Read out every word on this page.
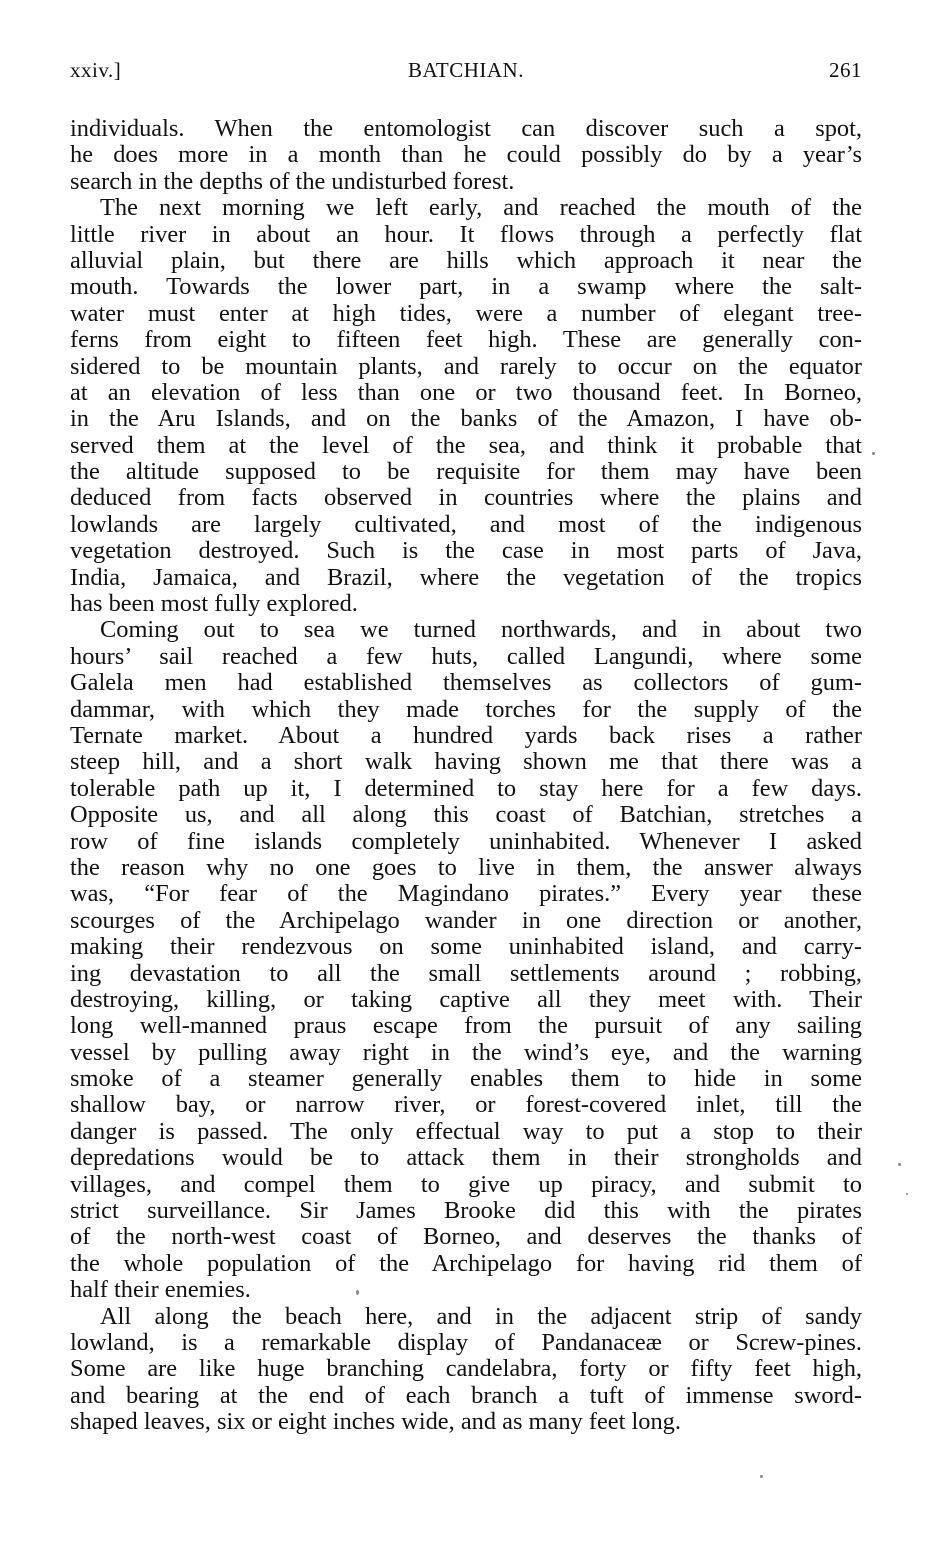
xxiv.]	BATCHIAN.	261
individuals. When the entomologist can discover such a spot,
he does more in a month than he could possibly do by a year’s
search in the depths of the undisturbed forest.
The next morning we left early, and reached the mouth of the
little river in about an hour. It flows through a perfectly flat
alluvial plain, but there are hills which approach it near the
mouth. Towards the lower part, in a swamp where the salt-
water must enter at high tides, were a number of elegant tree-
ferns from eight to fifteen feet high. These are generally con-
sidered to be mountain plants, and rarely to occur on the equator
at an elevation of less than one or two thousand feet. In Borneo,
in the Aru Islands, and on the banks of the Amazon, I have ob-
served them at the level of the sea, and think it probable that
the altitude supposed to be requisite for them may have been
deduced from facts observed in countries where the plains and
lowlands are largely cultivated, and most of the indigenous
vegetation destroyed. Such is the case in most parts of Java,
India, Jamaica, and Brazil, where the vegetation of the tropics
has been most fully explored.
Coming out to sea we turned northwards, and in about two
hours’ sail reached a few huts, called Langundi, where some
Galela men had established themselves as collectors of gum-
dammar, with which they made torches for the supply of the
Ternate market. About a hundred yards back rises a rather
steep hill, and a short walk having shown me that there was a
tolerable path up it, I determined to stay here for a few days.
Opposite us, and all along this coast of Batchian, stretches a
row of fine islands completely uninhabited. Whenever I asked
the reason why no one goes to live in them, the answer always
was, “For fear of the Magindano pirates.” Every year these
scourges of the Archipelago wander in one direction or another,
making their rendezvous on some uninhabited island, and carry-
ing devastation to all the small settlements around ; robbing,
destroying, killing, or taking captive all they meet with. Their
long well-manned praus escape from the pursuit of any sailing
vessel by pulling away right in the wind’s eye, and the warning
smoke of a steamer generally enables them to hide in some
shallow bay, or narrow river, or forest-covered inlet, till the
danger is passed. The only effectual way to put a stop to their
depredations would be to attack them in their strongholds and
villages, and compel them to give up piracy, and submit to
strict surveillance. Sir James Brooke did this with the pirates
of the north-west coast of Borneo, and deserves the thanks of
the whole population of the Archipelago for having rid them of
half their enemies.
All along the beach here, and in the adjacent strip of sandy
lowland, is a remarkable display of Pandanaceæ or Screw-pines.
Some are like huge branching candelabra, forty or fifty feet high,
and bearing at the end of each branch a tuft of immense sword-
shaped leaves, six or eight inches wide, and as many feet long.
